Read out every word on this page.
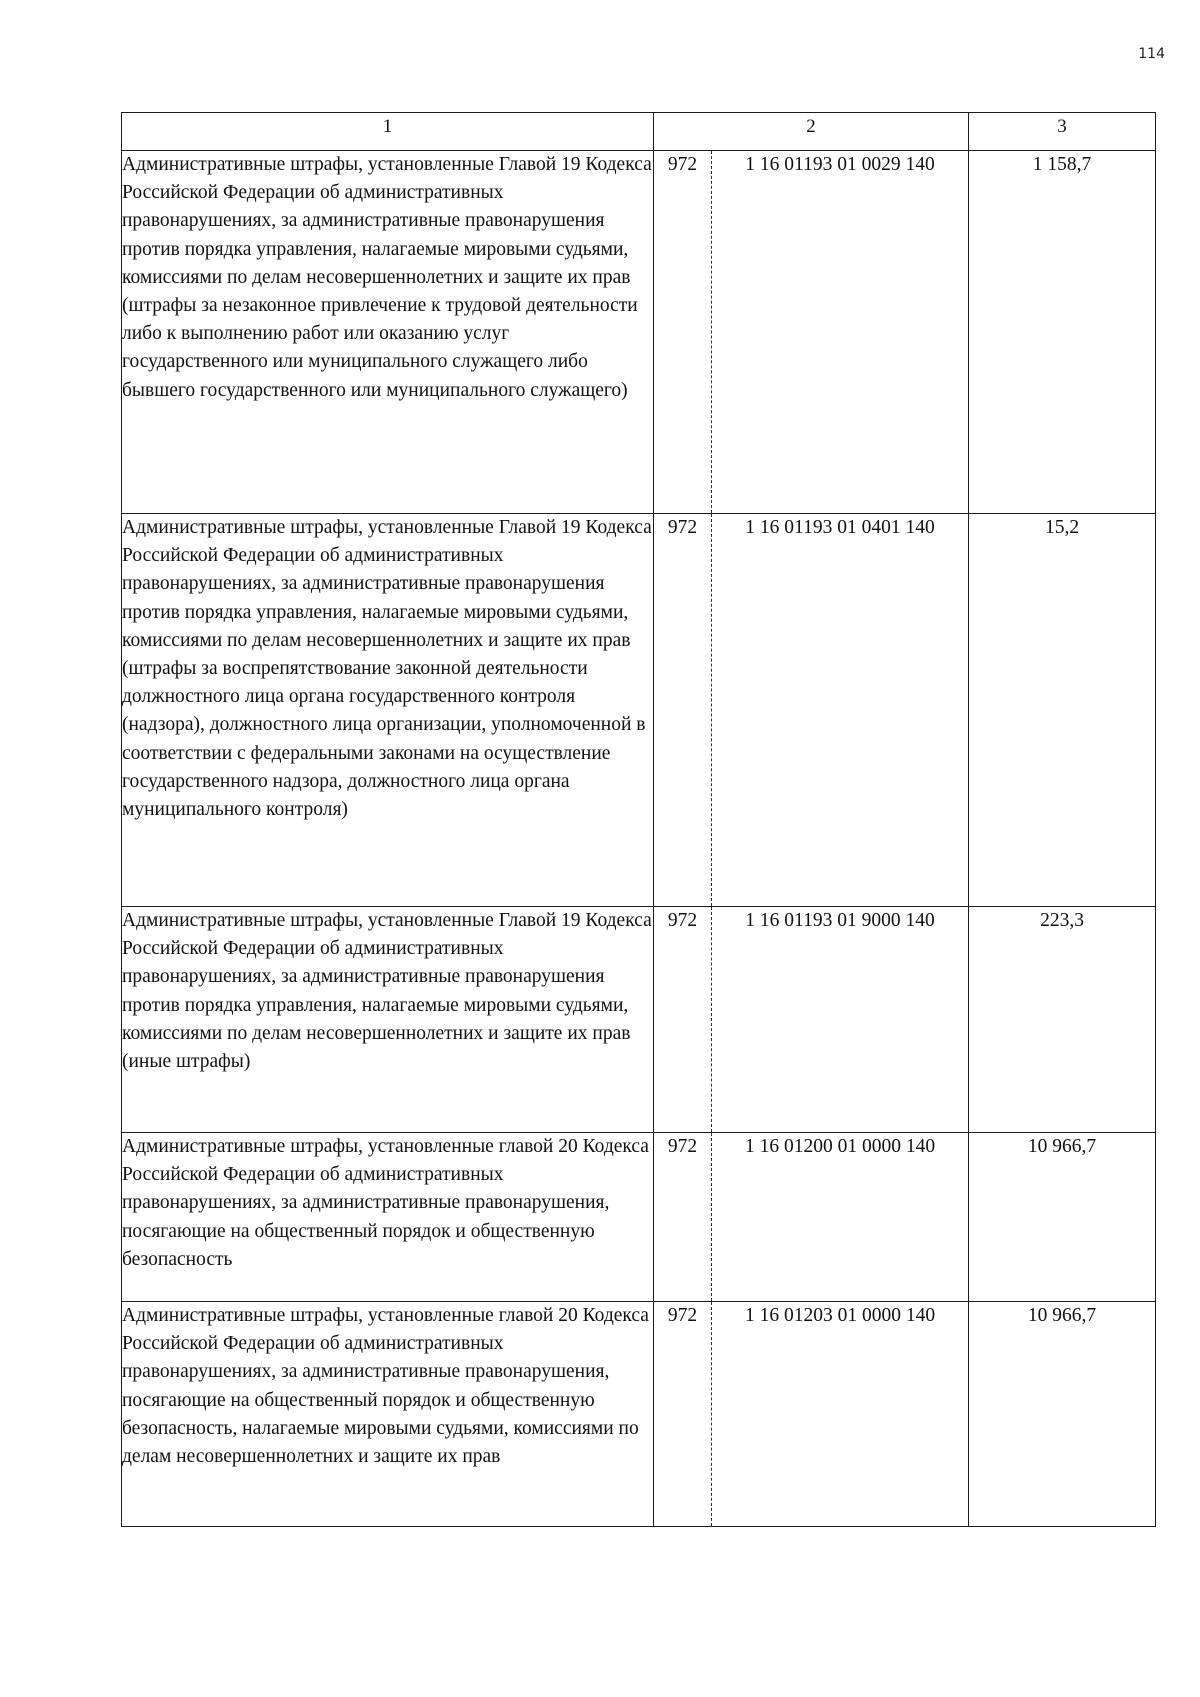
114
1	2		3
Административные штрафы, установленные Главой 19 Кодекса Российской Федерации об административных правонарушениях, за административные правонарушения против порядка управления, налагаемые мировыми судьями, комиссиями по делам несовершеннолетних и защите их прав (штрафы за незаконное привлечение к трудовой деятельности либо к выполнению работ или оказанию услуг государственного или муниципального служащего либо бывшего государственного или муниципального служащего)	972	1 16 01193 01 0029 140	1 158,7
Административные штрафы, установленные Главой 19 Кодекса Российской Федерации об административных правонарушениях, за административные правонарушения против порядка управления, налагаемые мировыми судьями, комиссиями по делам несовершеннолетних и защите их прав (штрафы за воспрепятствование законной деятельности должностного лица органа государственного контроля (надзора), должностного лица организации, уполномоченной в соответствии с федеральными законами на осуществление государственного надзора, должностного лица органа муниципального контроля)	972	1 16 01193 01 0401 140	15,2
Административные штрафы, установленные Главой 19 Кодекса Российской Федерации об административных правонарушениях, за административные правонарушения против порядка управления, налагаемые мировыми судьями, комиссиями по делам несовершеннолетних и защите их прав (иные штрафы)	972	1 16 01193 01 9000 140	223,3
Административные штрафы, установленные главой 20 Кодекса Российской Федерации об административных правонарушениях, за административные правонарушения, посягающие на общественный порядок и общественную безопасность	972	1 16 01200 01 0000 140	10 966,7
Административные штрафы, установленные главой 20 Кодекса Российской Федерации об административных правонарушениях, за административные правонарушения, посягающие на общественный порядок и общественную безопасность, налагаемые мировыми судьями, комиссиями по делам несовершеннолетних и защите их прав	972	1 16 01203 01 0000 140	10 966,7
